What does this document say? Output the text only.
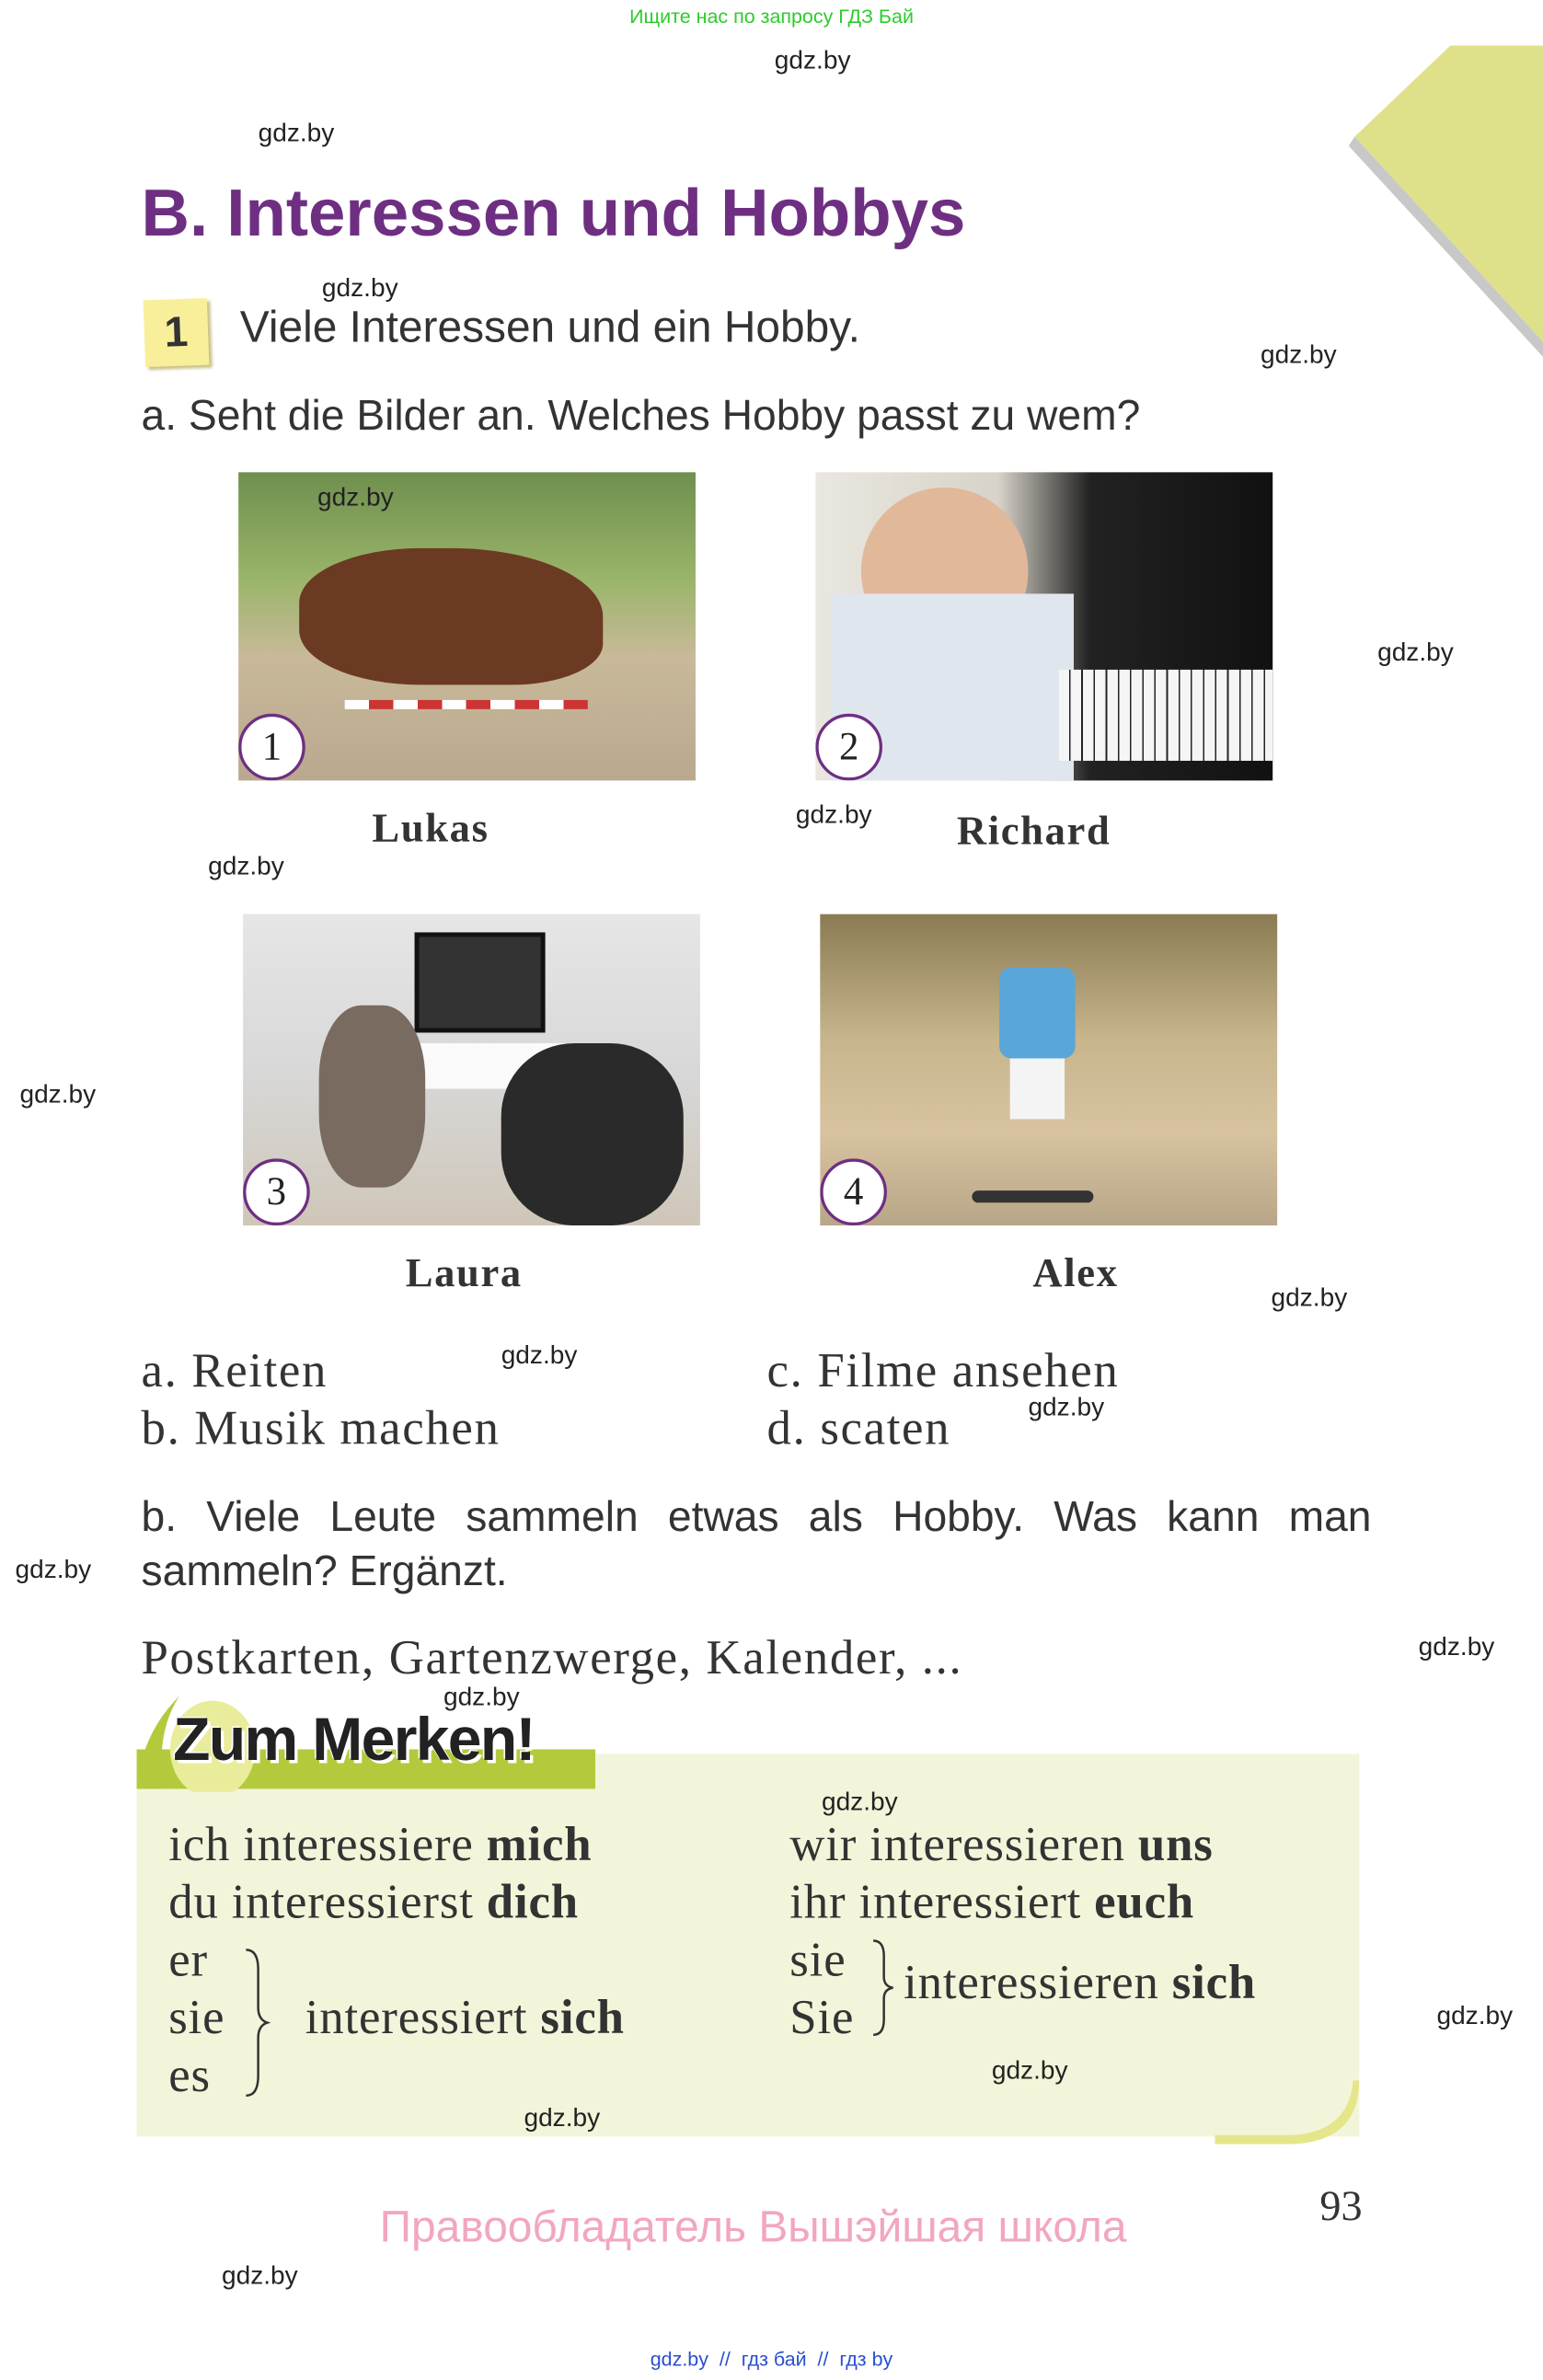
Ищите нас по запросу ГДЗ Бай
gdz.by
gdz.by
gdz.by
gdz.by
gdz.by
gdz.by
gdz.by
gdz.by
gdz.by
gdz.by
gdz.by
gdz.by
gdz.by
gdz.by
gdz.by
B. Interessen und Hobbys
1	Viele Interessen und ein Hobby.
a. Seht die Bilder an. Welches Hobby passt zu wem?
1
gdz.by
2
Lukas	Richard
3	4
Laura	Alex
a. Reiten
b. Musik machen
c. Filme ansehen
d. scaten
b. Viele Leute sammeln etwas als Hobby. Was kann man sammeln? Ergänzt.
Postkarten, Gartenzwerge, Kalender, ...
gdz.by
Zum Merken!
gdz.by
ich interessiere mich
du interessierst dich
er
sie
es
interessiert sich
wir interessieren uns
ihr interessiert euch
sie
Sie
interessieren sich
gdz.by
gdz.by
93
Правообладатель Вышэйшая школа
gdz.by  //  гдз бай  //  гдз by
